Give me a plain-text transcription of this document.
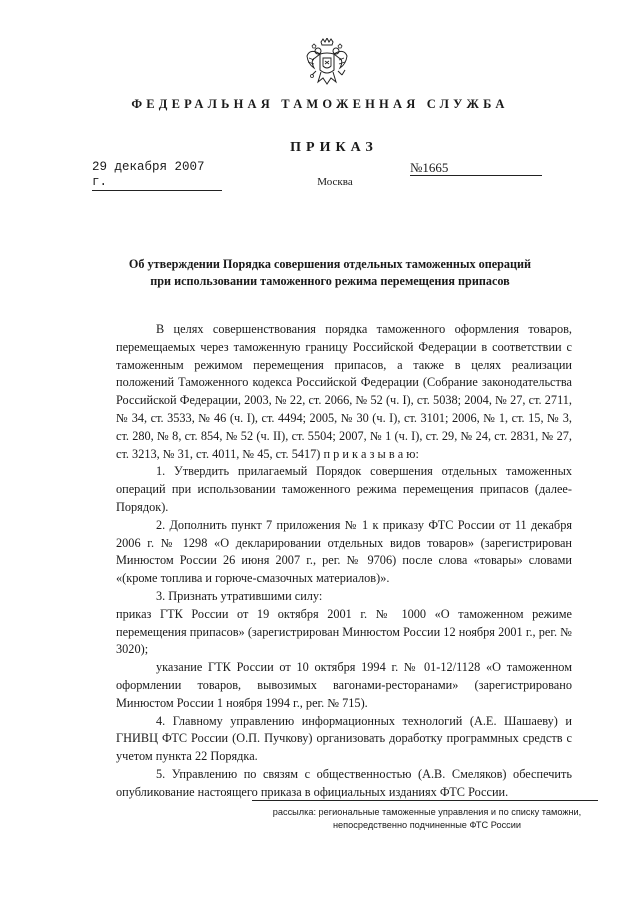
ФЕДЕРАЛЬНАЯ ТАМОЖЕННАЯ СЛУЖБА
ПРИКАЗ
29 декабря 2007 г.
№1665
Москва
Об утверждении Порядка совершения отдельных таможенных операций
при использовании таможенного режима перемещения припасов

В целях совершенствования порядка таможенного оформления товаров, перемещаемых через таможенную границу Российской Федерации в соответствии с таможенным режимом перемещения припасов, а также в целях реализации положений Таможенного кодекса Российской Федерации (Собрание законодательства Российской Федерации, 2003, № 22, ст. 2066, № 52 (ч. I), ст. 5038; 2004, № 27, ст. 2711, № 34, ст. 3533, № 46 (ч. I), ст. 4494; 2005, № 30 (ч. I), ст. 3101; 2006, № 1, ст. 15, № 3, ст. 280, № 8, ст. 854, № 52 (ч. II), ст. 5504; 2007, № 1 (ч. I), ст. 29, № 24, ст. 2831, № 27, ст. 3213, № 31, ст. 4011, № 45, ст. 5417) п р и к а з ы в а ю:

1. Утвердить прилагаемый Порядок совершения отдельных таможенных операций при использовании таможенного режима перемещения припасов (далее- Порядок).

2. Дополнить пункт 7 приложения № 1 к приказу ФТС России от 11 декабря 2006 г. № 1298 «О декларировании отдельных видов товаров» (зарегистрирован Минюстом России 26 июня 2007 г., рег. № 9706) после слова «товары» словами «(кроме топлива и горюче-смазочных материалов)».

3. Признать утратившими силу:

приказ ГТК России от 19 октября 2001 г. № 1000 «О таможенном режиме перемещения припасов» (зарегистрирован Минюстом России 12 ноября 2001 г., рег. № 3020);

указание ГТК России от 10 октября 1994 г. № 01-12/1128 «О таможенном оформлении товаров, вывозимых вагонами-ресторанами» (зарегистрировано Минюстом России 1 ноября 1994 г., рег. № 715).

4. Главному управлению информационных технологий (А.Е. Шашаеву) и ГНИВЦ ФТС России (О.П. Пучкову) организовать доработку программных средств с учетом пункта 22 Порядка.

5. Управлению по связям с общественностью (А.В. Смеляков) обеспечить опубликование настоящего приказа в официальных изданиях ФТС России.

рассылка: региональные таможенные управления и по списку таможни,
непосредственно подчиненные ФТС России
